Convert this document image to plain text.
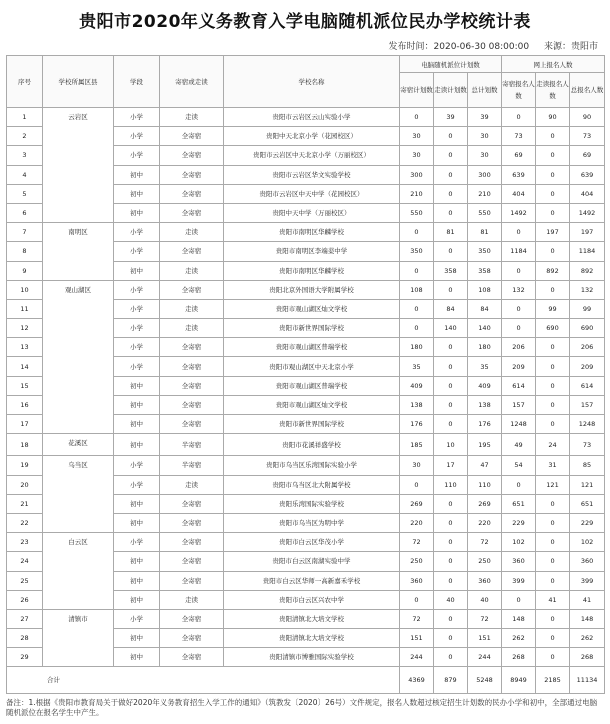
贵阳市2020年义务教育入学电脑随机派位民办学校统计表
发布时间：2020-06-30 08:00:00 来源：贵阳市
序号	学校所属区县	学段	寄宿或走读	学校名称	电脑随机派位计划数			网上报名人数		
					寄宿计划数	走读计划数	总计划数	寄宿报名人数	走读报名人数	总报名人数
1	云岩区	小学	走读	贵阳市云岩区云山实验小学	0	39	39	0	90	90
2		小学	全寄宿	贵阳中天北京小学（花园校区）	30	0	30	73	0	73
3		小学	全寄宿	贵阳市云岩区中天北京小学（万丽校区）	30	0	30	69	0	69
4		初中	全寄宿	贵阳市云岩区华文实验学校	300	0	300	639	0	639
5		初中	全寄宿	贵阳市云岩区中天中学（花园校区）	210	0	210	404	0	404
6		初中	全寄宿	贵阳中天中学（万丽校区）	550	0	550	1492	0	1492
7	南明区	小学	走读	贵阳市南明区华麟学校	0	81	81	0	197	197
8		小学	全寄宿	贵阳市南明区李端棻中学	350	0	350	1184	0	1184
9		初中	走读	贵阳市南明区华麟学校	0	358	358	0	892	892
10	观山湖区	小学	全寄宿	贵阳北京外国语大学附属学校	108	0	108	132	0	132
11		小学	走读	贵阳市观山湖区灿文学校	0	84	84	0	99	99
12		小学	走读	贵阳市新世界国际学校	0	140	140	0	690	690
13		小学	全寄宿	贵阳市观山湖区普瑞学校	180	0	180	206	0	206
14		小学	全寄宿	贵阳市观山湖区中天北京小学	35	0	35	209	0	209
15		初中	全寄宿	贵阳市观山湖区普瑞学校	409	0	409	614	0	614
16		初中	全寄宿	贵阳市观山湖区灿文学校	138	0	138	157	0	157
17		初中	全寄宿	贵阳市新世界国际学校	176	0	176	1248	0	1248
18	花溪区	初中	半寄宿	贵阳市花溪祥盛学校	185	10	195	49	24	73
19	乌当区	小学	半寄宿	贵阳市乌当区乐湾国际实验小学	30	17	47	54	31	85
20		小学	走读	贵阳市乌当区北大附属学校	0	110	110	0	121	121
21		初中	全寄宿	贵阳乐湾国际实验学校	269	0	269	651	0	651
22		初中	全寄宿	贵阳市乌当区为明中学	220	0	220	229	0	229
23	白云区	小学	全寄宿	贵阳市白云区华茂小学	72	0	72	102	0	102
24		初中	全寄宿	贵阳市白云区南湖实验中学	250	0	250	360	0	360
25		初中	全寄宿	贵阳市白云区华师一高新嘉禾学校	360	0	360	399	0	399
26		初中	走读	贵阳市白云区兴农中学	0	40	40	0	41	41
27	清镇市	小学	全寄宿	贵阳清镇北大培文学校	72	0	72	148	0	148
28		初中	全寄宿	贵阳清镇北大培文学校	151	0	151	262	0	262
29		初中	全寄宿	贵阳清镇市博雅国际实验学校	244	0	244	268	0	268
合计					4369	879	5248	8949	2185	11134
备注：1.根据《贵阳市教育局关于做好2020年义务教育招生入学工作的通知》（筑教发〔2020〕26号）文件规定，报名人数超过核定招生计划数的民办小学和初中，全部通过电脑随机派位在报名学生中产生。
